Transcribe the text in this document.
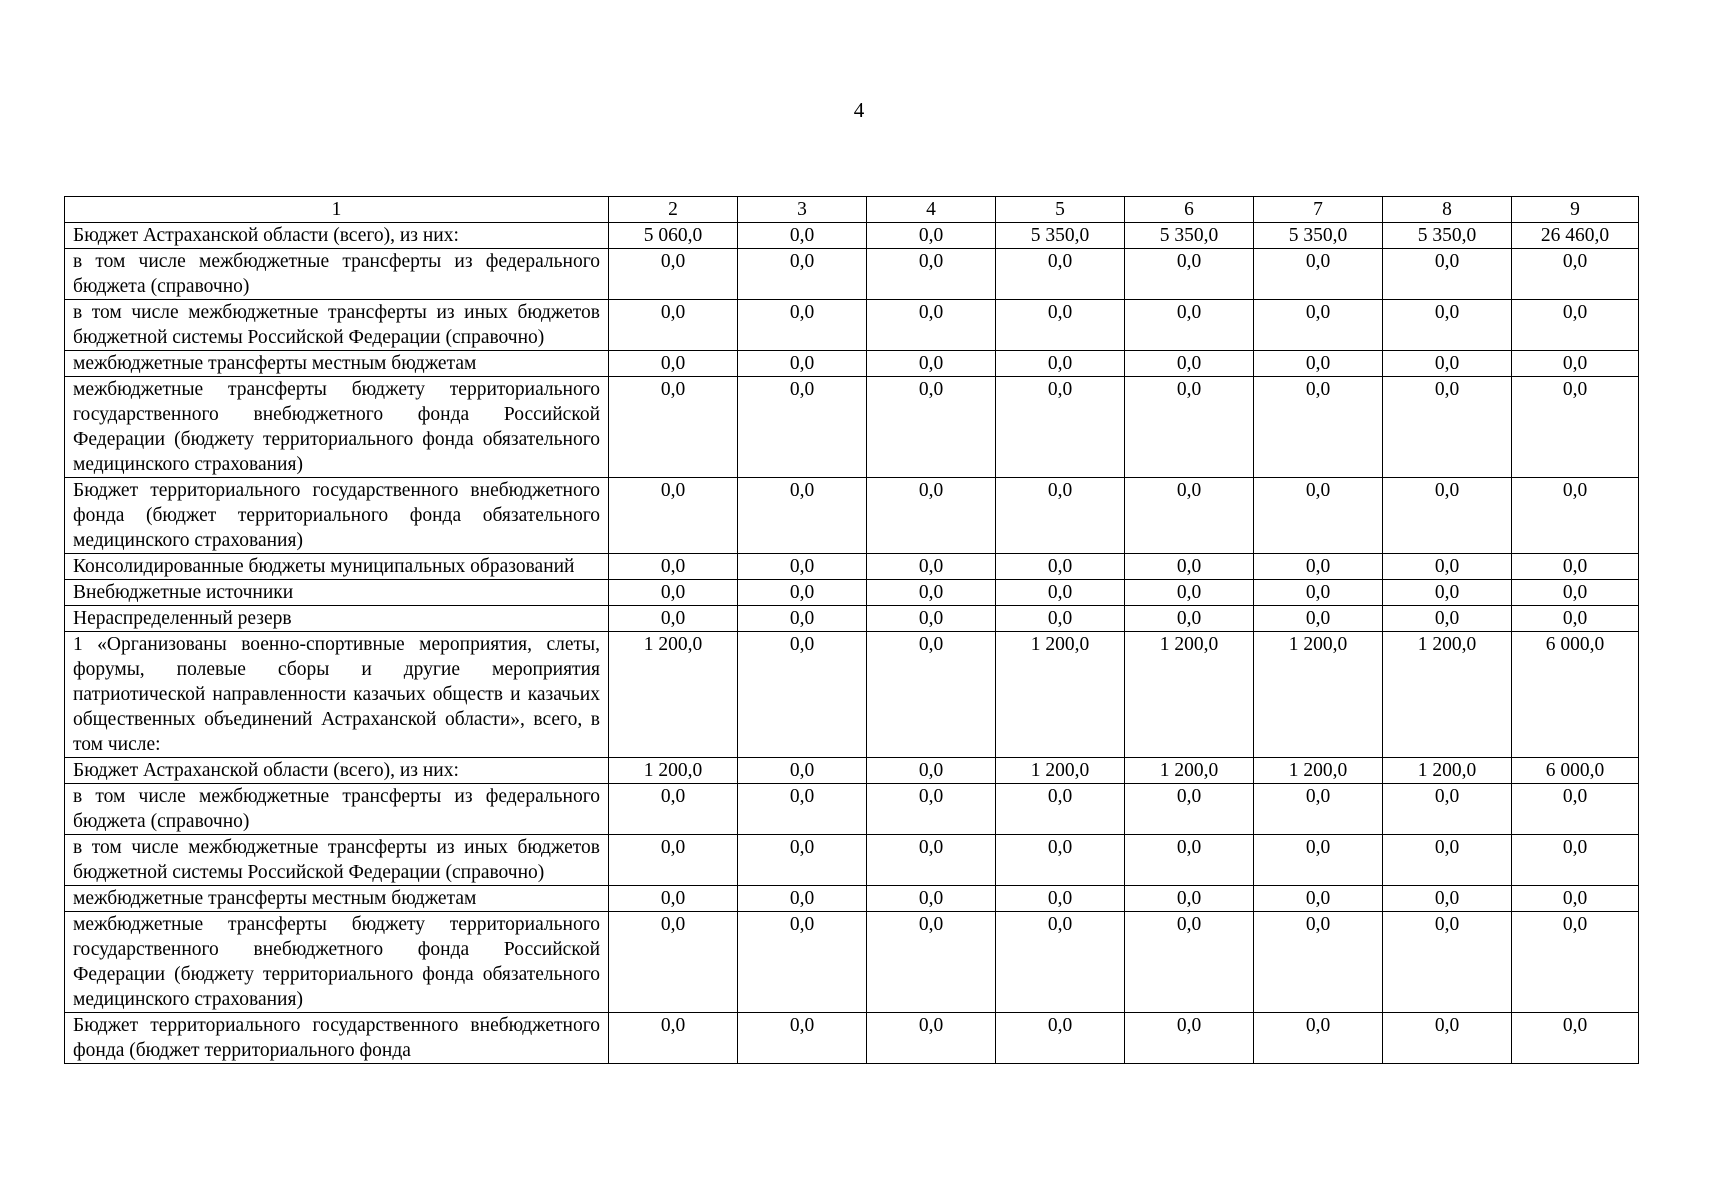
4
1	2	3	4	5	6	7	8	9
Бюджет Астраханской области (всего), из них:	5 060,0	0,0	0,0	5 350,0	5 350,0	5 350,0	5 350,0	26 460,0
в том числе межбюджетные трансферты из федерального бюджета (справочно)	0,0	0,0	0,0	0,0	0,0	0,0	0,0	0,0
в том числе межбюджетные трансферты из иных бюджетов бюджетной системы Российской Федерации (справочно)	0,0	0,0	0,0	0,0	0,0	0,0	0,0	0,0
межбюджетные трансферты местным бюджетам	0,0	0,0	0,0	0,0	0,0	0,0	0,0	0,0
межбюджетные трансферты бюджету территориального государственного внебюджетного фонда Российской Федерации (бюджету территориального фонда обязательного медицинского страхования)	0,0	0,0	0,0	0,0	0,0	0,0	0,0	0,0
Бюджет территориального государственного внебюджетного фонда (бюджет территориального фонда обязательного медицинского страхования)	0,0	0,0	0,0	0,0	0,0	0,0	0,0	0,0
Консолидированные бюджеты муниципальных образований	0,0	0,0	0,0	0,0	0,0	0,0	0,0	0,0
Внебюджетные источники	0,0	0,0	0,0	0,0	0,0	0,0	0,0	0,0
Нераспределенный резерв	0,0	0,0	0,0	0,0	0,0	0,0	0,0	0,0
1 «Организованы военно-спортивные мероприятия, слеты, форумы, полевые сборы и другие мероприятия патриотической направленности казачьих обществ и казачьих общественных объединений Астраханской области», всего, в том числе:	1 200,0	0,0	0,0	1 200,0	1 200,0	1 200,0	1 200,0	6 000,0
Бюджет Астраханской области (всего), из них:	1 200,0	0,0	0,0	1 200,0	1 200,0	1 200,0	1 200,0	6 000,0
в том числе межбюджетные трансферты из федерального бюджета (справочно)	0,0	0,0	0,0	0,0	0,0	0,0	0,0	0,0
в том числе межбюджетные трансферты из иных бюджетов бюджетной системы Российской Федерации (справочно)	0,0	0,0	0,0	0,0	0,0	0,0	0,0	0,0
межбюджетные трансферты местным бюджетам	0,0	0,0	0,0	0,0	0,0	0,0	0,0	0,0
межбюджетные трансферты бюджету территориального государственного внебюджетного фонда Российской Федерации (бюджету территориального фонда обязательного медицинского страхования)	0,0	0,0	0,0	0,0	0,0	0,0	0,0	0,0
Бюджет территориального государственного внебюджетного фонда (бюджет территориального фонда	0,0	0,0	0,0	0,0	0,0	0,0	0,0	0,0
